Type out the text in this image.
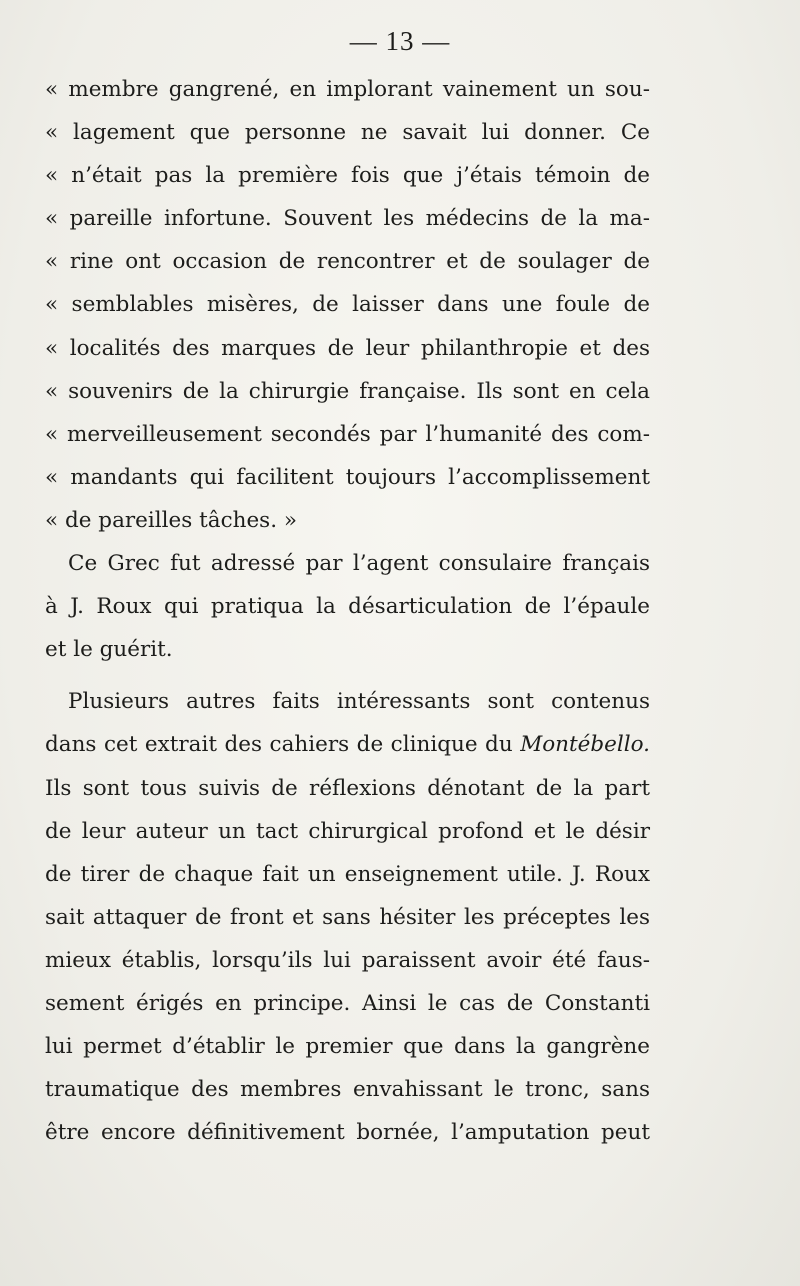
— 13 —
« membre gangrené, en implorant vainement un sou-
« lagement que personne ne savait lui donner. Ce
« n’était pas la première fois que j’étais témoin de
« pareille infortune. Souvent les médecins de la ma-
« rine ont occasion de rencontrer et de soulager de
« semblables misères, de laisser dans une foule de
« localités des marques de leur philanthropie et des
« souvenirs de la chirurgie française. Ils sont en cela
« merveilleusement secondés par l’humanité des com-
« mandants qui facilitent toujours l’accomplissement
« de pareilles tâches. »
Ce Grec fut adressé par l’agent consulaire français
à J. Roux qui pratiqua la désarticulation de l’épaule
et le guérit.
Plusieurs autres faits intéressants sont contenus
dans cet extrait des cahiers de clinique du Montébello.
Ils sont tous suivis de réflexions dénotant de la part
de leur auteur un tact chirurgical profond et le désir
de tirer de chaque fait un enseignement utile. J. Roux
sait attaquer de front et sans hésiter les préceptes les
mieux établis, lorsqu’ils lui paraissent avoir été faus-
sement érigés en principe. Ainsi le cas de Constanti
lui permet d’établir le premier que dans la gangrène
traumatique des membres envahissant le tronc, sans
être encore définitivement bornée, l’amputation peut
